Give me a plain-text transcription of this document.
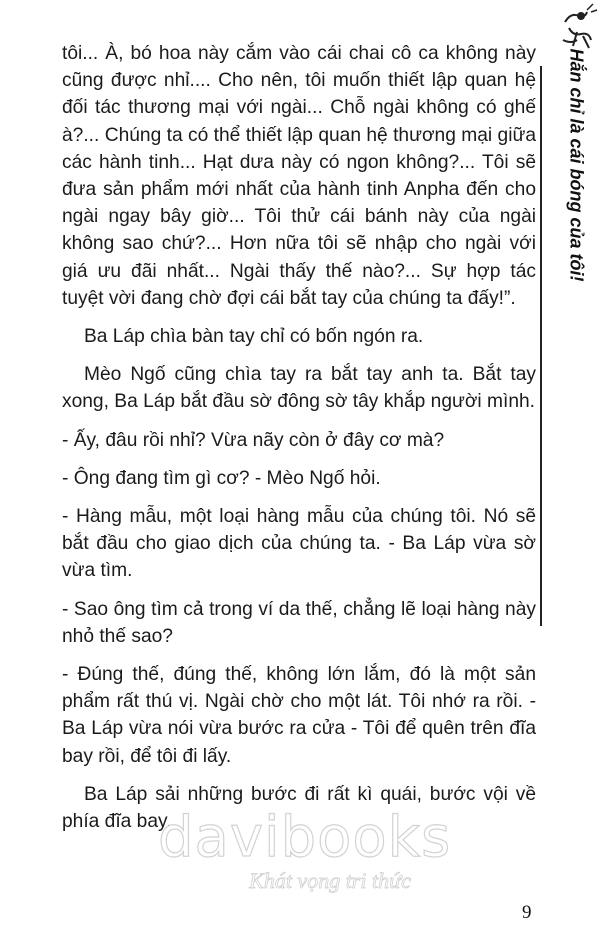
tôi... À, bó hoa này cắm vào cái chai cô ca không này cũng được nhỉ.... Cho nên, tôi muốn thiết lập quan hệ đối tác thương mại với ngài... Chỗ ngài không có ghế à?... Chúng ta có thể thiết lập quan hệ thương mại giữa các hành tinh... Hạt dưa này có ngon không?... Tôi sẽ đưa sản phẩm mới nhất của hành tinh Anpha đến cho ngài ngay bây giờ... Tôi thử cái bánh này của ngài không sao chứ?... Hơn nữa tôi sẽ nhập cho ngài với giá ưu đãi nhất... Ngài thấy thế nào?... Sự hợp tác tuyệt vời đang chờ đợi cái bắt tay của chúng ta đấy!”.

Ba Láp chìa bàn tay chỉ có bốn ngón ra.

Mèo Ngố cũng chìa tay ra bắt tay anh ta. Bắt tay xong, Ba Láp bắt đầu sờ đông sờ tây khắp người mình.

- Ấy, đâu rồi nhỉ? Vừa nãy còn ở đây cơ mà?

- Ông đang tìm gì cơ? - Mèo Ngố hỏi.

- Hàng mẫu, một loại hàng mẫu của chúng tôi. Nó sẽ bắt đầu cho giao dịch của chúng ta. - Ba Láp vừa sờ vừa tìm.

- Sao ông tìm cả trong ví da thế, chẳng lẽ loại hàng này nhỏ thế sao?

- Đúng thế, đúng thế, không lớn lắm, đó là một sản phẩm rất thú vị. Ngài chờ cho một lát. Tôi nhớ ra rồi. - Ba Láp vừa nói vừa bước ra cửa - Tôi để quên trên đĩa bay rồi, để tôi đi lấy.

Ba Láp sải những bước đi rất kì quái, bước vội về phía đĩa bay.

Hắn chỉ là cái bóng của tôi!
davibooks
Khát vọng tri thức
9
